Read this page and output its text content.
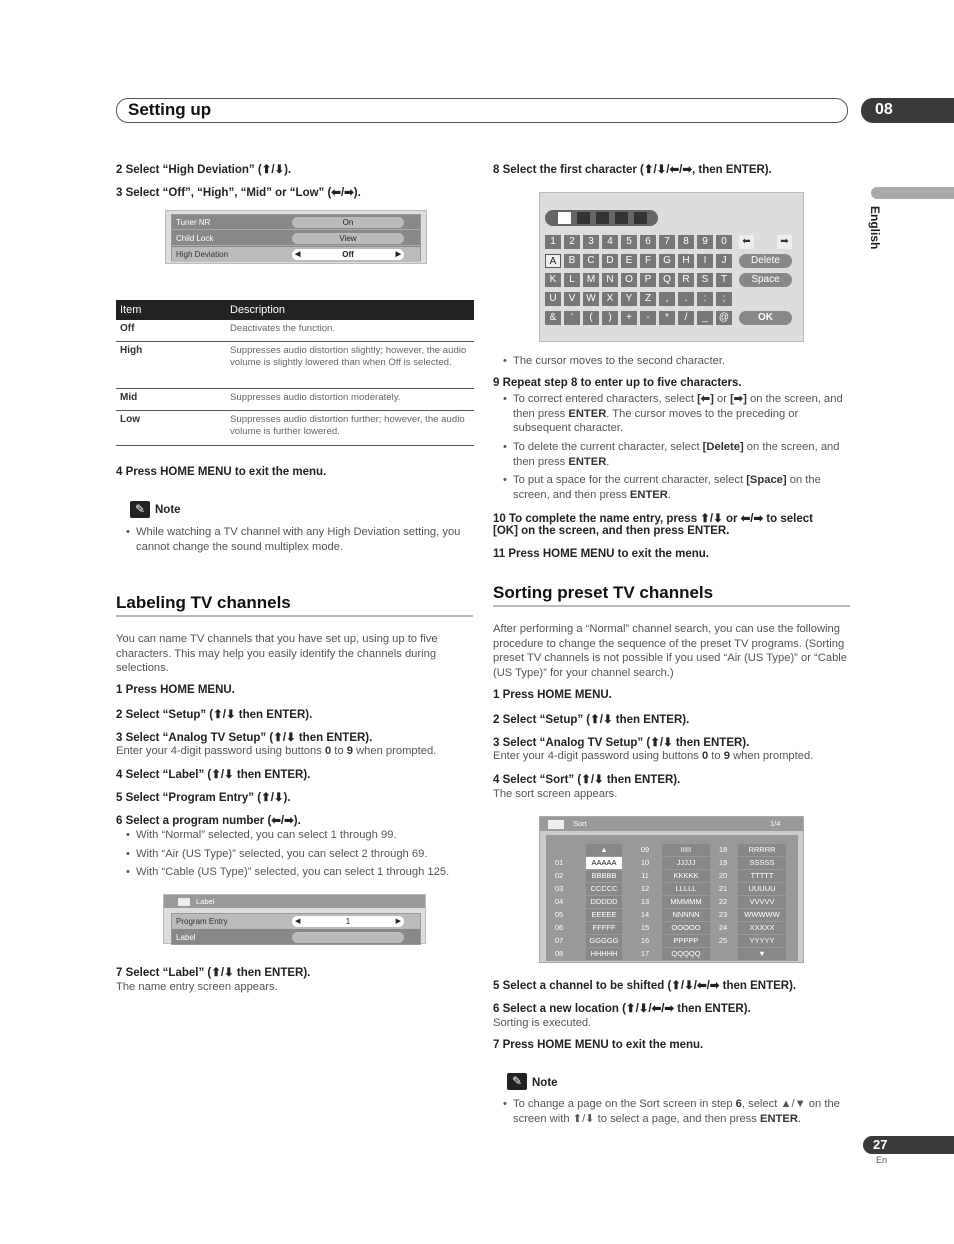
Setting up	08
English
2 Select “High Deviation” (⬆/⬇).
3 Select “Off”, “High”, “Mid” or “Low” (⬅/➡).
Tuner NR	On
Child Lock	View
High Deviation	◀	Off	▶
Item	Description
Off	Deactivates the function.
High	Suppresses audio distortion slightly; however, the audio volume is slightly lowered than when Off is selected.
Mid	Suppresses audio distortion moderately.
Low	Suppresses audio distortion further; however, the audio volume is further lowered.
4 Press HOME MENU to exit the menu.
✎ Note
• While watching a TV channel with any High Deviation setting, you cannot change the sound multiplex mode.
Labeling TV channels
You can name TV channels that you have set up, using up to five characters. This may help you easily identify the channels during selections.
1 Press HOME MENU.
2 Select “Setup” (⬆/⬇ then ENTER).
3 Select “Analog TV Setup” (⬆/⬇ then ENTER).
Enter your 4-digit password using buttons 0 to 9 when prompted.
4 Select “Label” (⬆/⬇ then ENTER).
5 Select “Program Entry” (⬆/⬇).
6 Select a program number (⬅/➡).
• With “Normal” selected, you can select 1 through 99.
• With “Air (US Type)” selected, you can select 2 through 69.
• With “Cable (US Type)” selected, you can select 1 through 125.
Label
Program Entry	◀	1	▶
Label
7 Select “Label” (⬆/⬇ then ENTER).
The name entry screen appears.
8 Select the first character (⬆/⬇/⬅/➡, then ENTER).
1	2	3	4	5	6	7	8	9	0
A	B	C	D	E	F	G	H	I	J
K	L	M	N	O	P	Q	R	S	T
U	V	W	X	Y	Z	,	.	:	;
&	'	(	)	+	-	*	/	_	@
⬅	➡
Delete
Space
OK
• The cursor moves to the second character.
9 Repeat step 8 to enter up to five characters.
• To correct entered characters, select [⬅] or [➡] on the screen, and then press ENTER. The cursor moves to the preceding or subsequent character.
• To delete the current character, select [Delete] on the screen, and then press ENTER.
• To put a space for the current character, select [Space] on the screen, and then press ENTER.
10 To complete the name entry, press ⬆/⬇ or ⬅/➡ to select
[OK] on the screen, and then press ENTER.
11 Press HOME MENU to exit the menu.
Sorting preset TV channels
After performing a “Normal” channel search, you can use the following procedure to change the sequence of the preset TV programs. (Sorting preset TV channels is not possible if you used “Air (US Type)” or “Cable (US Type)” for your channel search.)
1 Press HOME MENU.
2 Select “Setup” (⬆/⬇ then ENTER).
3 Select “Analog TV Setup” (⬆/⬇ then ENTER).
Enter your 4-digit password using buttons 0 to 9 when prompted.
4 Select “Sort” (⬆/⬇ then ENTER).
The sort screen appears.
Sort	1/4
▲
▼
01	AAAAA
02	BBBBB
03	CCCCC
04	DDDDD
05	EEEEE
06	FFFFF
07	GGGGG
08	HHHHH
09	IIIII
10	JJJJJ
11	KKKKK
12	LLLLL
13	MMMMM
14	NNNNN
15	OOOOO
16	PPPPP
17	QQQQQ
18	RRRRR
19	SSSSS
20	TTTTT
21	UUUUU
22	VVVVV
23	WWWWW
24	XXXXX
25	YYYYY
5 Select a channel to be shifted (⬆/⬇/⬅/➡ then ENTER).
6 Select a new location (⬆/⬇/⬅/➡ then ENTER).
Sorting is executed.
7 Press HOME MENU to exit the menu.
✎ Note
• To change a page on the Sort screen in step 6, select ▲/▼ on the screen with ⬆/⬇ to select a page, and then press ENTER.
27
En
